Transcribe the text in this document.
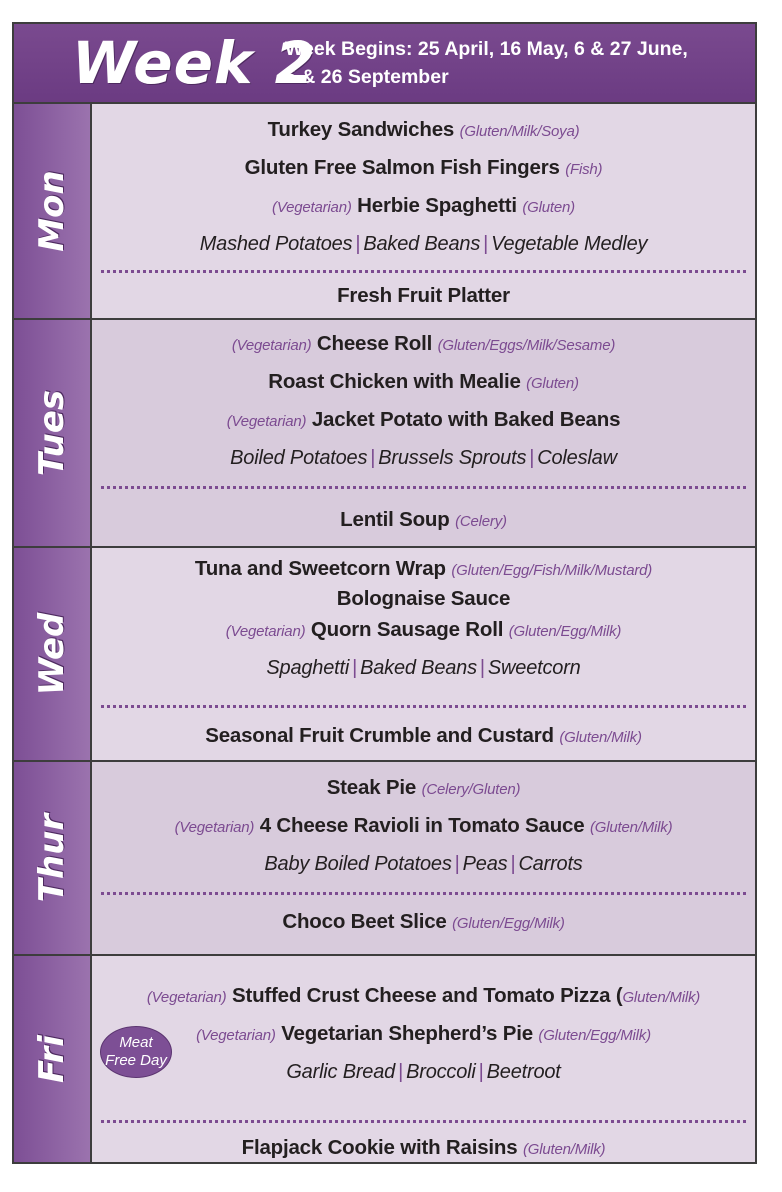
Week 2
Week Begins: 25 April, 16 May, 6 & 27 June,
5 & 26 September
Mon
Turkey Sandwiches (Gluten/Milk/Soya)
Gluten Free Salmon Fish Fingers (Fish)
(Vegetarian) Herbie Spaghetti (Gluten)
Mashed Potatoes | Baked Beans | Vegetable Medley
Fresh Fruit Platter
Tues
(Vegetarian) Cheese Roll (Gluten/Eggs/Milk/Sesame)
Roast Chicken with Mealie (Gluten)
(Vegetarian) Jacket Potato with Baked Beans
Boiled Potatoes | Brussels Sprouts | Coleslaw
Lentil Soup (Celery)
Wed
Tuna and Sweetcorn Wrap (Gluten/Egg/Fish/Milk/Mustard)
Bolognaise Sauce
(Vegetarian) Quorn Sausage Roll (Gluten/Egg/Milk)
Spaghetti | Baked Beans | Sweetcorn
Seasonal Fruit Crumble and Custard (Gluten/Milk)
Thur
Steak Pie (Celery/Gluten)
(Vegetarian) 4 Cheese Ravioli in Tomato Sauce (Gluten/Milk)
Baby Boiled Potatoes | Peas | Carrots
Choco Beet Slice (Gluten/Egg/Milk)
Fri	Meat
Free Day
(Vegetarian) Stuffed Crust Cheese and Tomato Pizza (Gluten/Milk)
(Vegetarian) Vegetarian Shepherd’s Pie (Gluten/Egg/Milk)
Garlic Bread | Broccoli | Beetroot
Flapjack Cookie with Raisins (Gluten/Milk)
